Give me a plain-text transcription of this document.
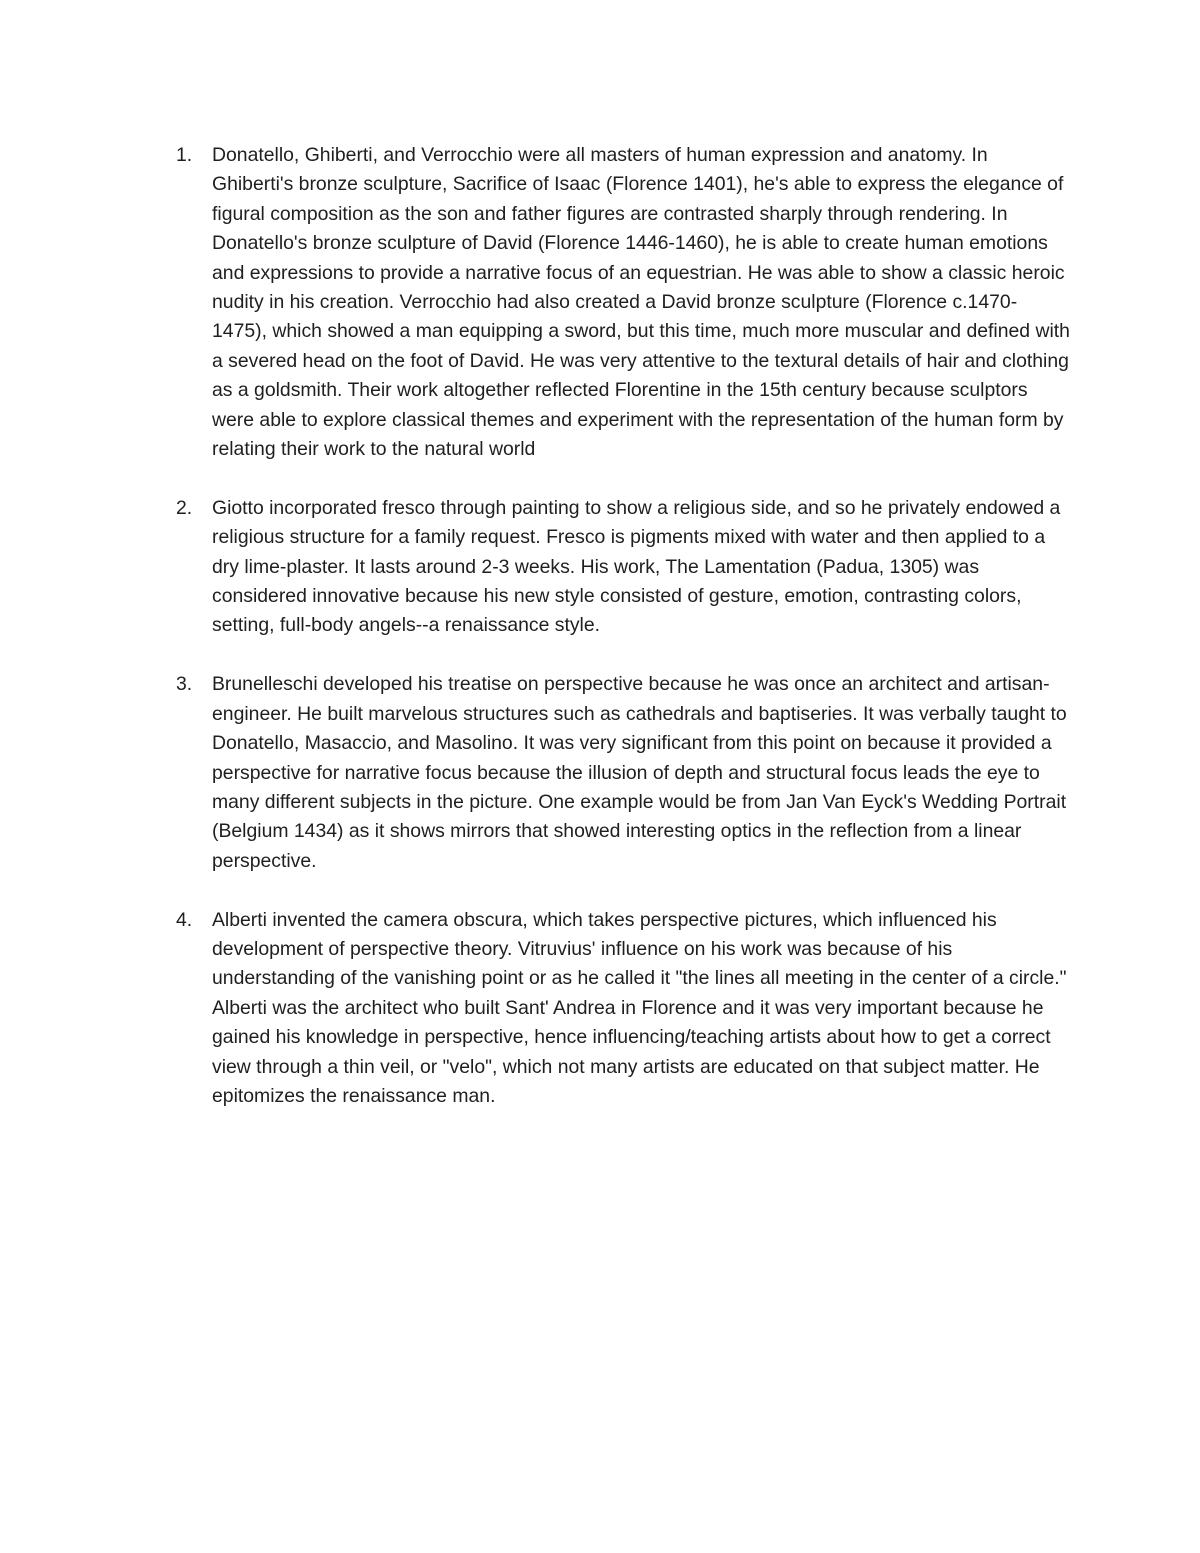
1. Donatello, Ghiberti, and Verrocchio were all masters of human expression and anatomy. In Ghiberti's bronze sculpture, Sacrifice of Isaac (Florence 1401), he's able to express the elegance of figural composition as the son and father figures are contrasted sharply through rendering. In Donatello's bronze sculpture of David (Florence 1446-1460), he is able to create human emotions and expressions to provide a narrative focus of an equestrian. He was able to show a classic heroic nudity in his creation. Verrocchio had also created a David bronze sculpture (Florence c.1470-1475), which showed a man equipping a sword, but this time, much more muscular and defined with a severed head on the foot of David. He was very attentive to the textural details of hair and clothing as a goldsmith. Their work altogether reflected Florentine in the 15th century because sculptors were able to explore classical themes and experiment with the representation of the human form by relating their work to the natural world
2. Giotto incorporated fresco through painting to show a religious side, and so he privately endowed a religious structure for a family request. Fresco is pigments mixed with water and then applied to a dry lime-plaster. It lasts around 2-3 weeks. His work, The Lamentation (Padua, 1305) was considered innovative because his new style consisted of gesture, emotion, contrasting colors, setting, full-body angels--a renaissance style.
3. Brunelleschi developed his treatise on perspective because he was once an architect and artisan-engineer. He built marvelous structures such as cathedrals and baptiseries. It was verbally taught to Donatello, Masaccio, and Masolino. It was very significant from this point on because it provided a perspective for narrative focus because the illusion of depth and structural focus leads the eye to many different subjects in the picture. One example would be from Jan Van Eyck's Wedding Portrait (Belgium 1434) as it shows mirrors that showed interesting optics in the reflection from a linear perspective.
4. Alberti invented the camera obscura, which takes perspective pictures, which influenced his development of perspective theory. Vitruvius' influence on his work was because of his understanding of the vanishing point or as he called it "the lines all meeting in the center of a circle." Alberti was the architect who built Sant' Andrea in Florence and it was very important because he gained his knowledge in perspective, hence influencing/teaching artists about how to get a correct view through a thin veil, or "velo", which not many artists are educated on that subject matter. He epitomizes the renaissance man.
